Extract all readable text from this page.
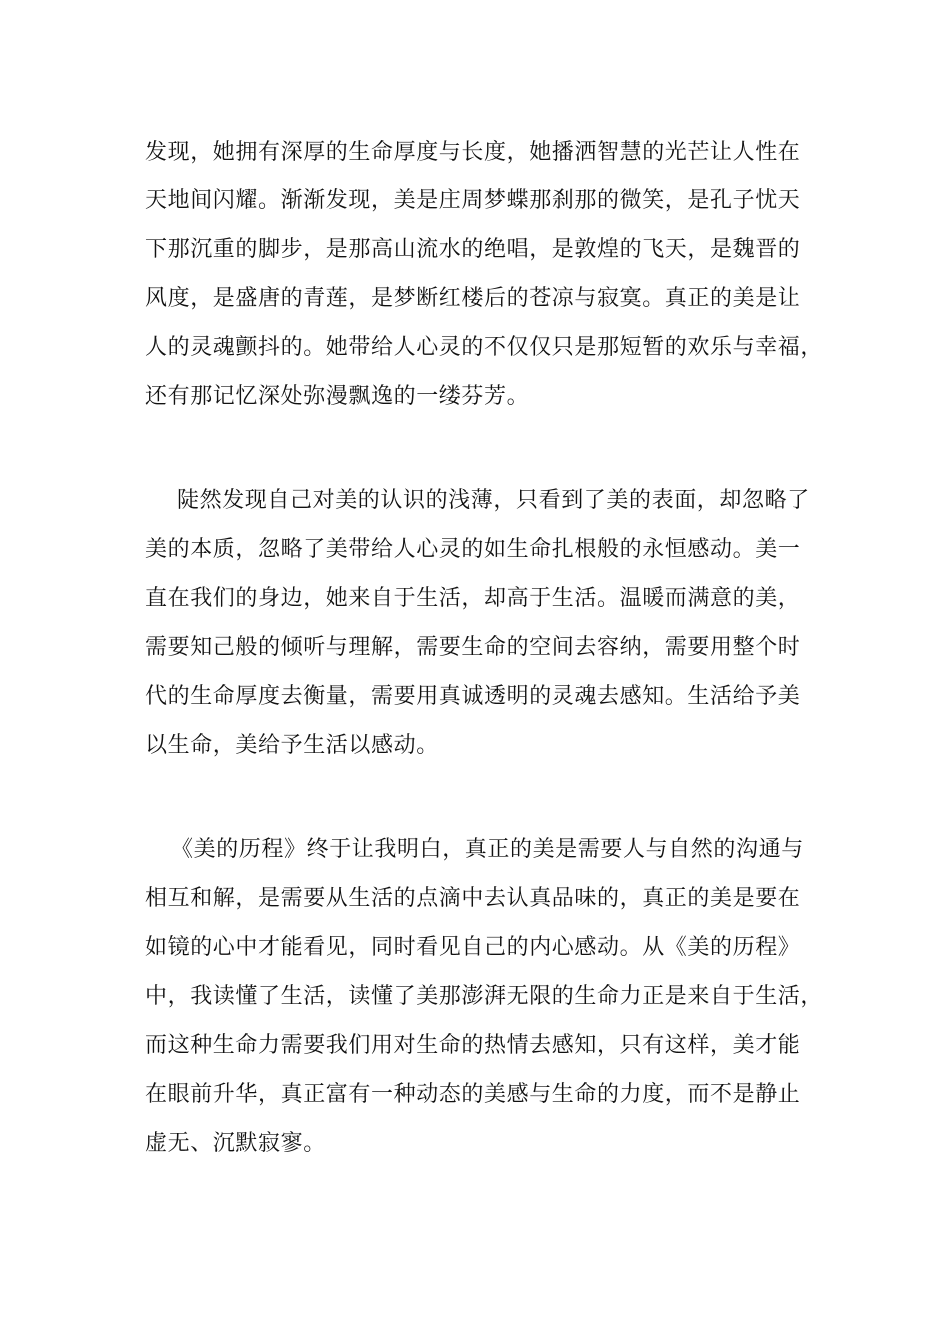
发现，她拥有深厚的生命厚度与长度，她播洒智慧的光芒让人性在
天地间闪耀。渐渐发现，美是庄周梦蝶那刹那的微笑，是孔子忧天
下那沉重的脚步，是那高山流水的绝唱，是敦煌的飞天，是魏晋的
风度，是盛唐的青莲，是梦断红楼后的苍凉与寂寞。真正的美是让
人的灵魂颤抖的。她带给人心灵的不仅仅只是那短暂的欢乐与幸福，
还有那记忆深处弥漫飘逸的一缕芬芳。
陡然发现自己对美的认识的浅薄，只看到了美的表面，却忽略了
美的本质，忽略了美带给人心灵的如生命扎根般的永恒感动。美一
直在我们的身边，她来自于生活，却高于生活。温暖而满意的美，
需要知己般的倾听与理解，需要生命的空间去容纳，需要用整个时
代的生命厚度去衡量，需要用真诚透明的灵魂去感知。生活给予美
以生命，美给予生活以感动。
《美的历程》终于让我明白，真正的美是需要人与自然的沟通与
相互和解，是需要从生活的点滴中去认真品味的，真正的美是要在
如镜的心中才能看见，同时看见自己的内心感动。从《美的历程》
中，我读懂了生活，读懂了美那澎湃无限的生命力正是来自于生活，
而这种生命力需要我们用对生命的热情去感知，只有这样，美才能
在眼前升华，真正富有一种动态的美感与生命的力度，而不是静止
虚无、沉默寂寥。
